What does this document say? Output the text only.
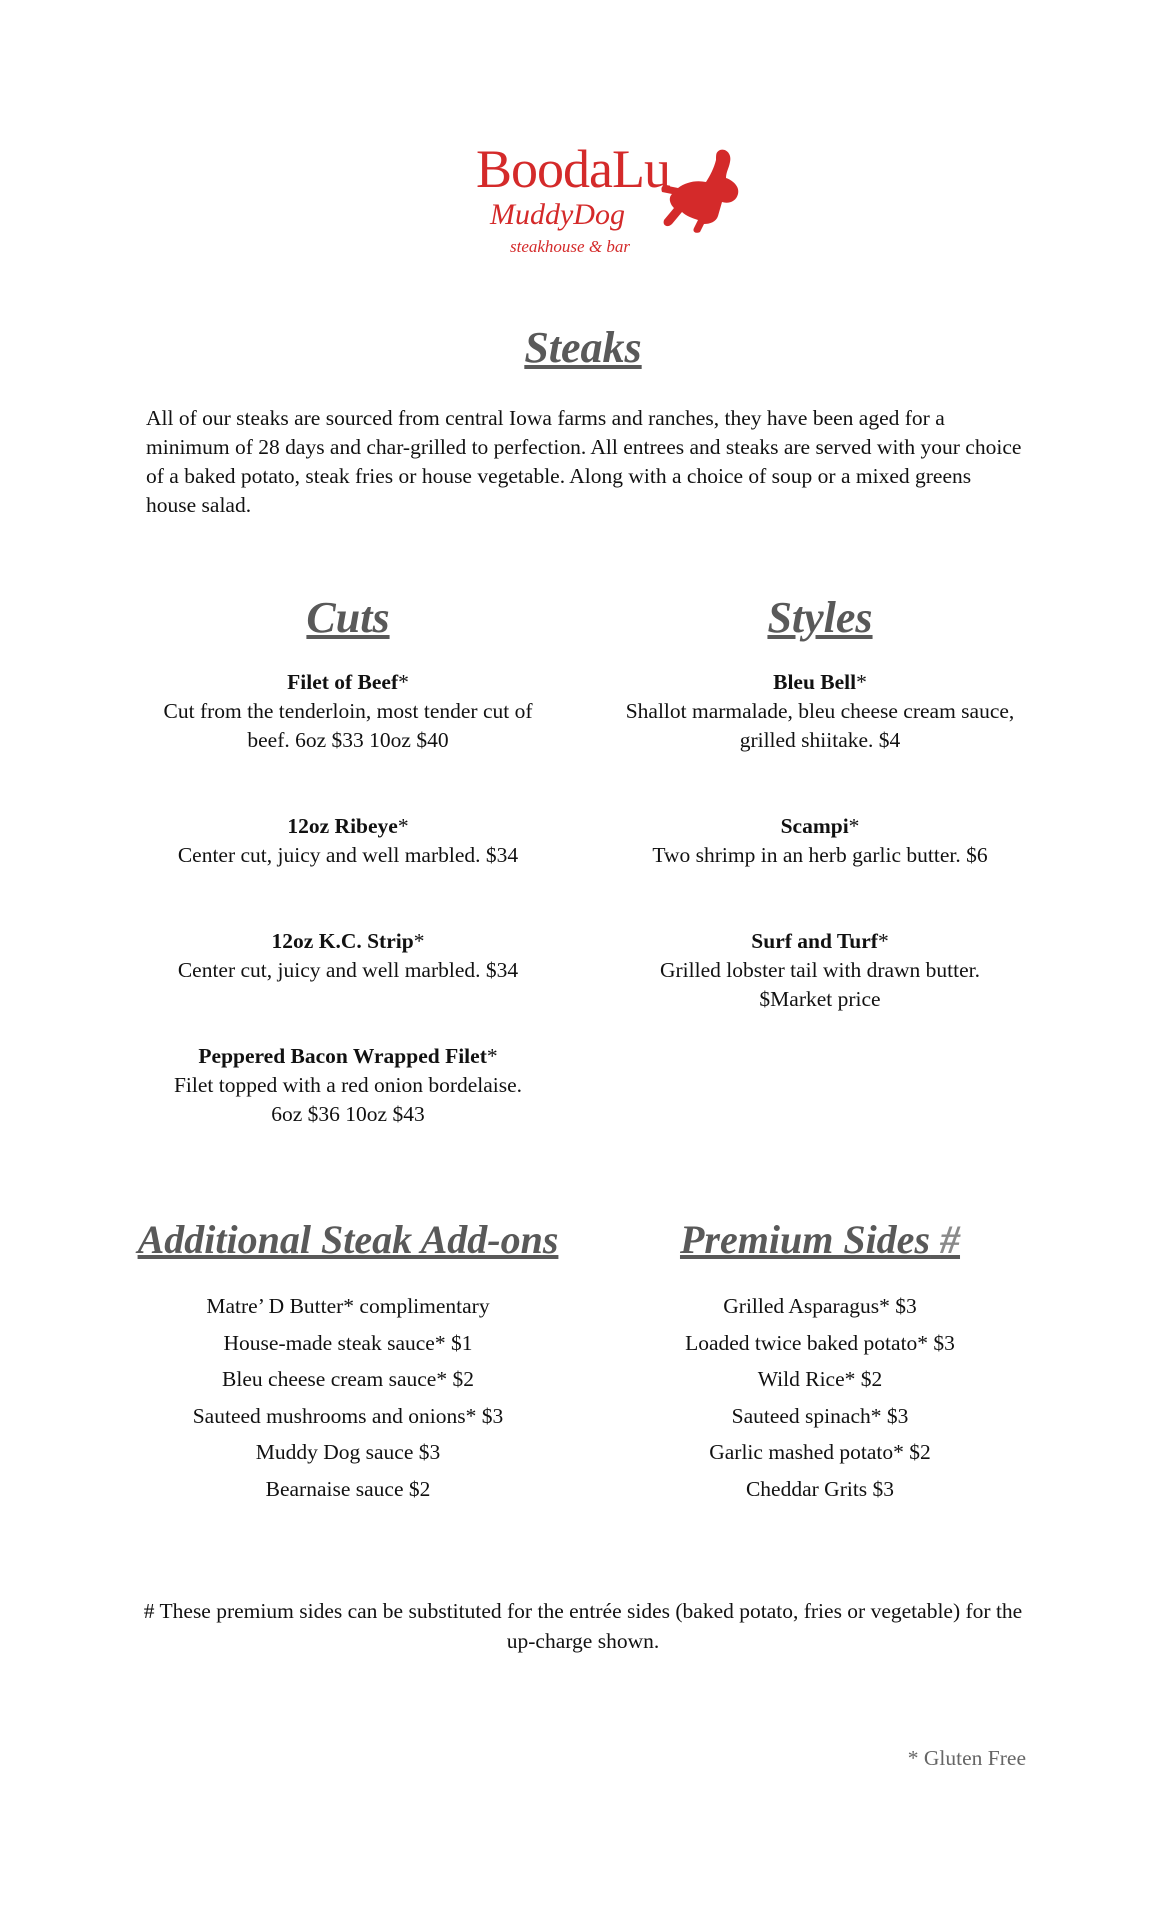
BoodaLu
MuddyDog
steakhouse & bar
Steaks

All of our steaks are sourced from central Iowa farms and ranches, they have been aged for a minimum of 28 days and char-grilled to perfection. All entrees and steaks are served with your choice of a baked potato, steak fries or house vegetable. Along with a choice of soup or a mixed greens house salad.

Cuts
Filet of Beef*
Cut from the tenderloin, most tender cut of beef. 6oz $33 10oz $40
12oz Ribeye*
Center cut, juicy and well marbled. $34
12oz K.C. Strip*
Center cut, juicy and well marbled. $34
Peppered Bacon Wrapped Filet*
Filet topped with a red onion bordelaise. 6oz $36 10oz $43
Styles
Bleu Bell*
Shallot marmalade, bleu cheese cream sauce, grilled shiitake. $4
Scampi*
Two shrimp in an herb garlic butter. $6
Surf and Turf*
Grilled lobster tail with drawn butter. $Market price
Additional Steak Add-ons
Matre’ D Butter* complimentary
House-made steak sauce* $1
Bleu cheese cream sauce* $2
Sauteed mushrooms and onions* $3
Muddy Dog sauce $3
Bearnaise sauce $2
Premium Sides #
Grilled Asparagus* $3
Loaded twice baked potato* $3
Wild Rice* $2
Sauteed spinach* $3
Garlic mashed potato* $2
Cheddar Grits $3

# These premium sides can be substituted for the entrée sides (baked potato, fries or vegetable) for the up-charge shown.

* Gluten Free
